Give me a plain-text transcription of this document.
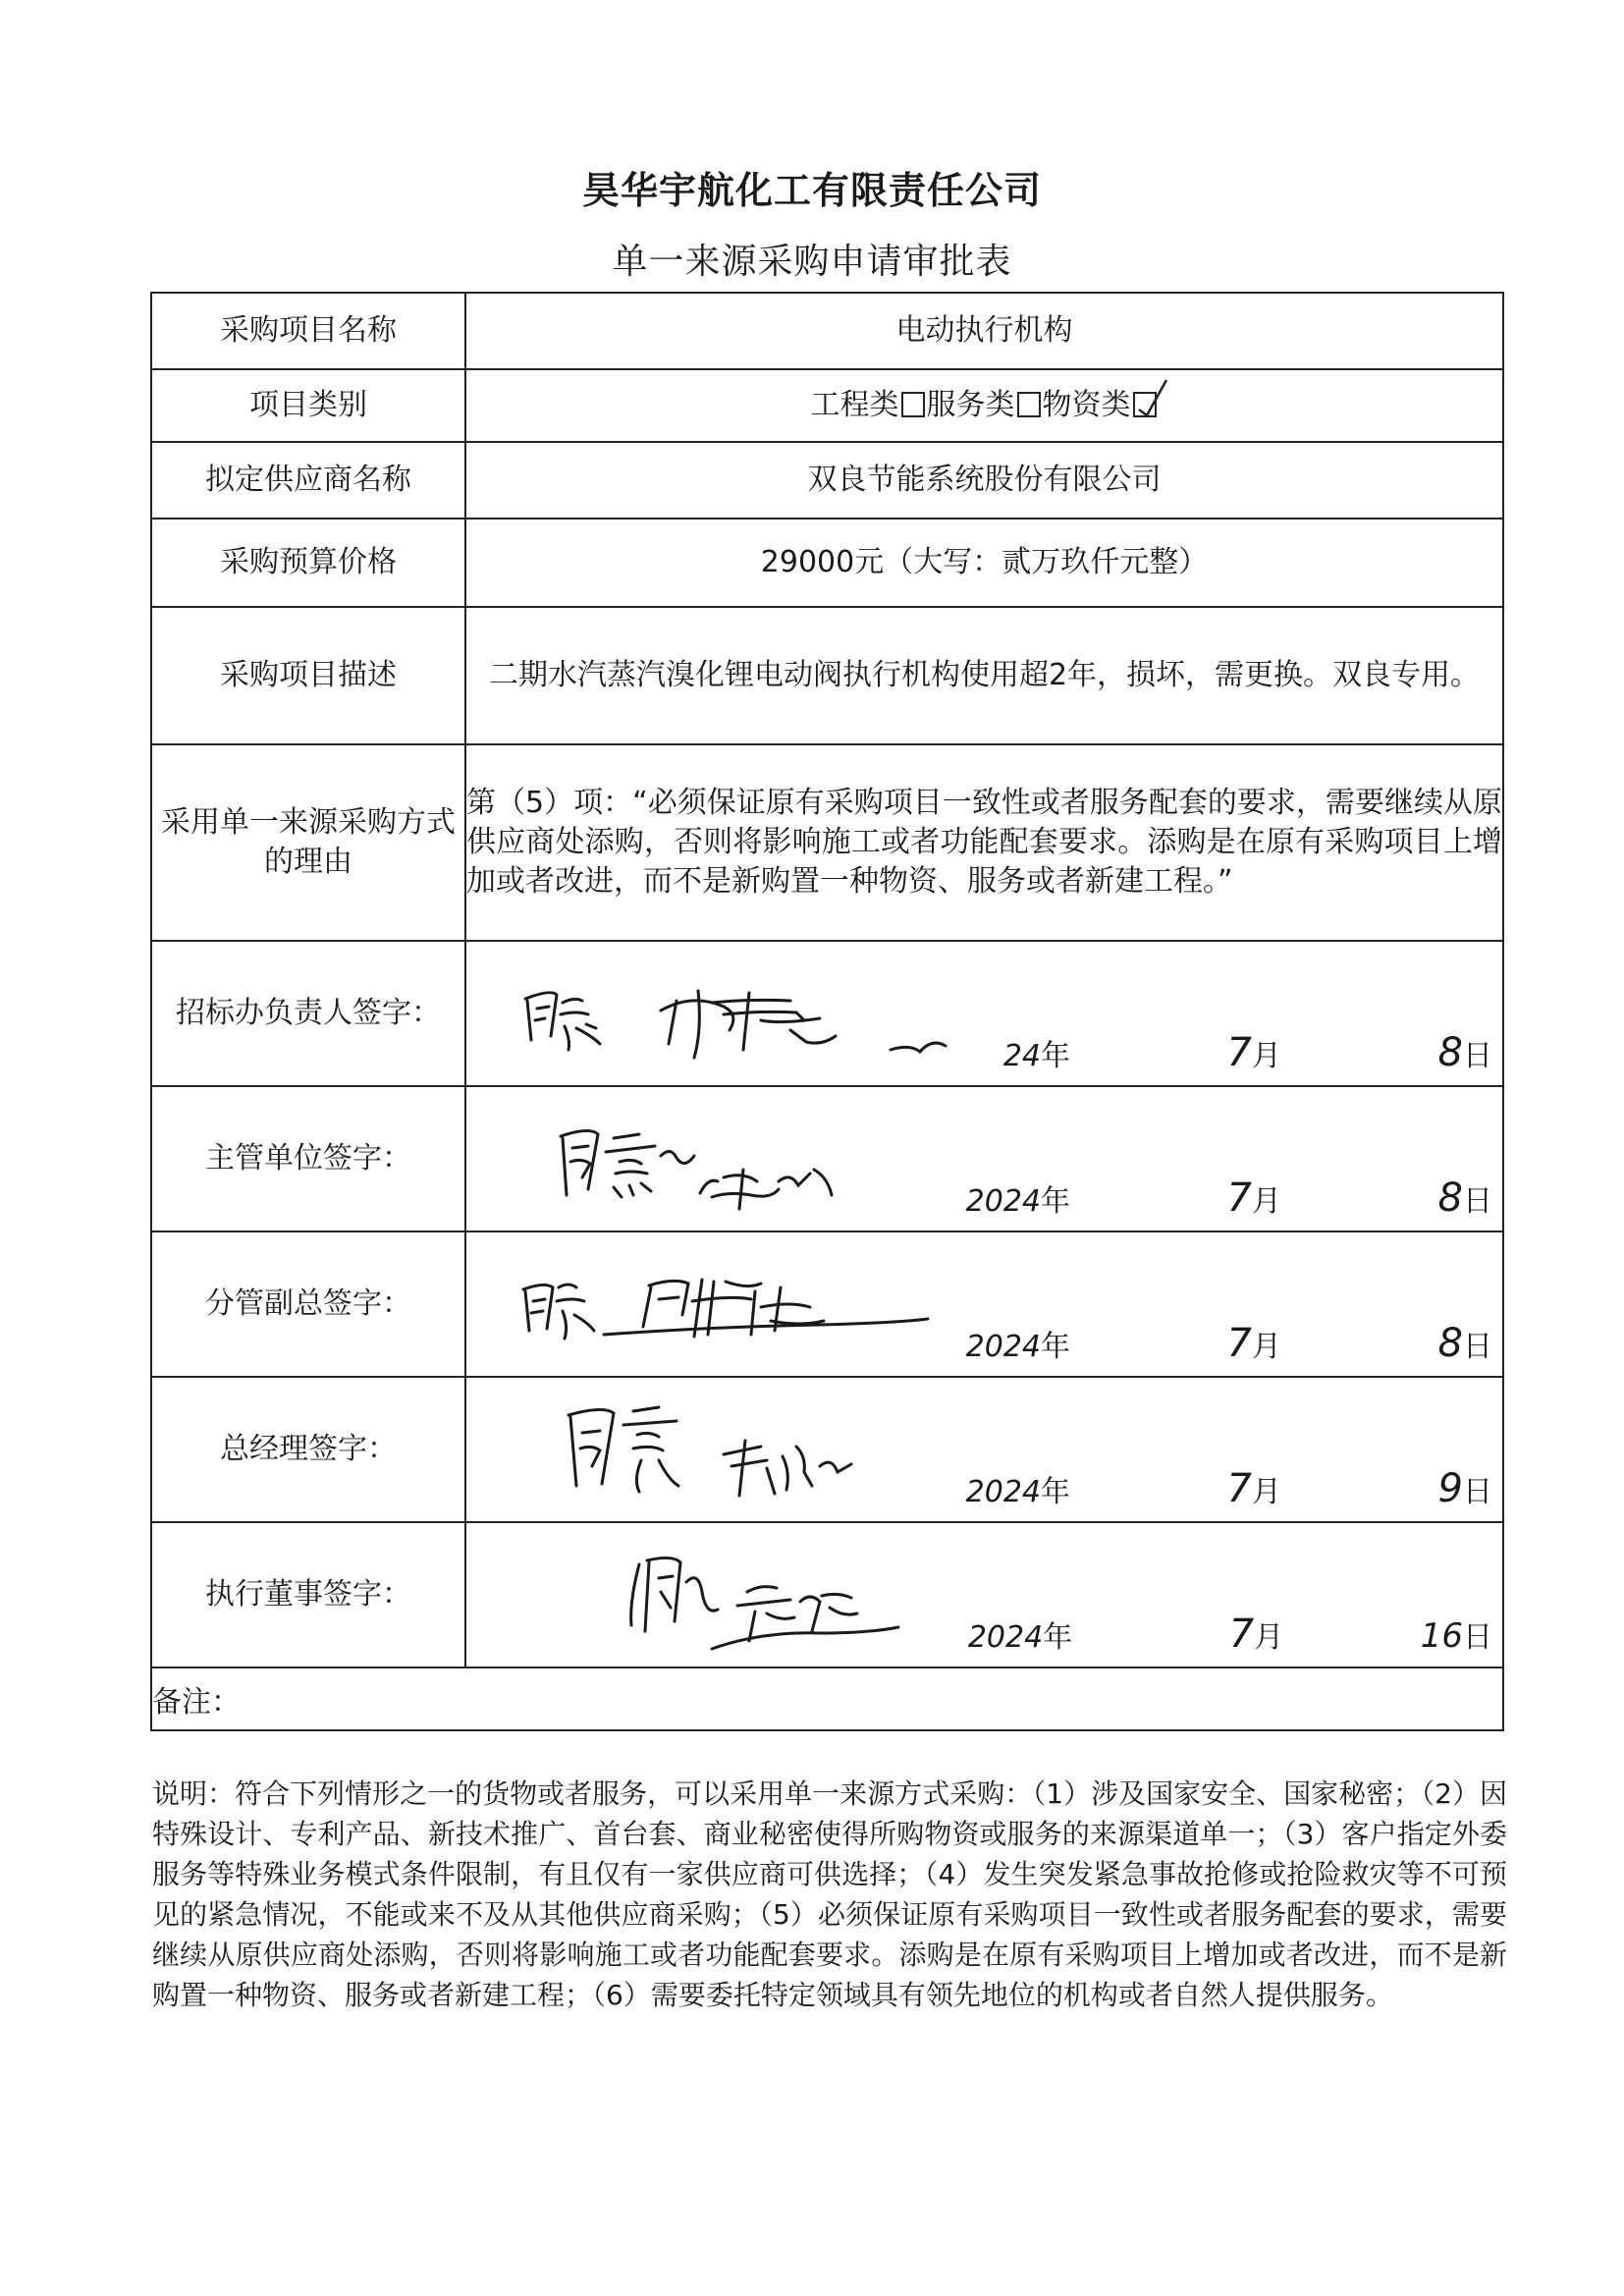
昊华宇航化工有限责任公司
单一来源采购申请审批表
采购项目名称	电动执行机构
项目类别	工程类 服务类 物资类

拟定供应商名称	双良节能系统股份有限公司
采购预算价格	29000元（大写：贰万玖仟元整）
采购项目描述	二期水汽蒸汽溴化锂电动阀执行机构使用超2年，损坏，需更换。双良专用。
采用单一来源采购方式的理由	第（5）项：“必须保证原有采购项目一致性或者服务配套的要求，需要继续从原供应商处添购，否则将影响施工或者功能配套要求。添购是在原有采购项目上增加或者改进，而不是新购置一种物资、服务或者新建工程。”
招标办负责人签字：	24年 7月 8日

主管单位签字：	2024年 7月 8日

分管副总签字：	2024年 7月 8日

总经理签字：	2024年 7月 9日

执行董事签字：	2024年 7月 16日

备注：	
说明：符合下列情形之一的货物或者服务，可以采用单一来源方式采购：（1）涉及国家安全、国家秘密；（2）因特殊设计、专利产品、新技术推广、首台套、商业秘密使得所购物资或服务的来源渠道单一；（3）客户指定外委服务等特殊业务模式条件限制，有且仅有一家供应商可供选择；（4）发生突发紧急事故抢修或抢险救灾等不可预见的紧急情况，不能或来不及从其他供应商采购；（5）必须保证原有采购项目一致性或者服务配套的要求，需要继续从原供应商处添购，否则将影响施工或者功能配套要求。添购是在原有采购项目上增加或者改进，而不是新购置一种物资、服务或者新建工程；（6）需要委托特定领域具有领先地位的机构或者自然人提供服务。
